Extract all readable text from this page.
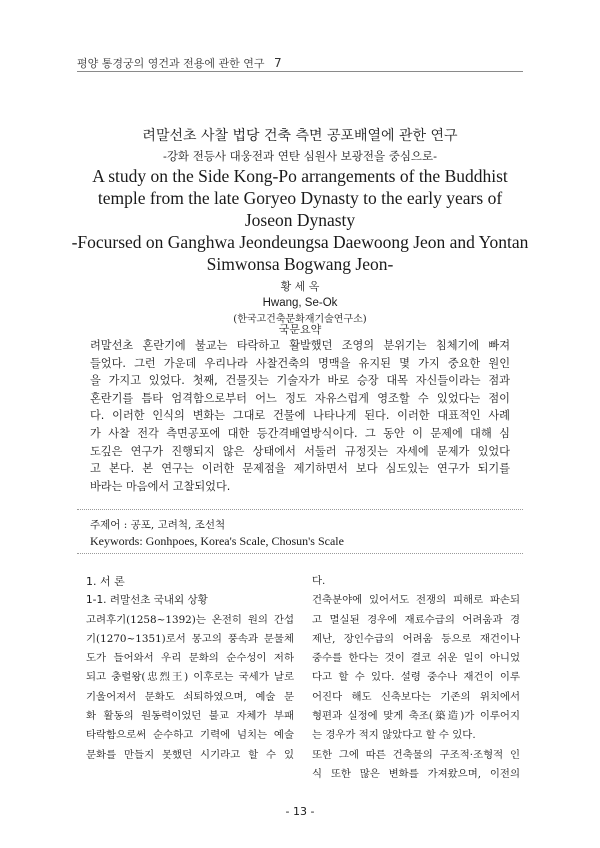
평양 통경궁의 영건과 전용에 관한 연구 7

려말선초 사찰 법당 건축 측면 공포배열에 관한 연구

-강화 전등사 대웅전과 연탄 심원사 보광전을 중심으로-

A study on the Side Kong-Po arrangements of the Buddhist

temple from the late Goryeo Dynasty to the early years of

Joseon Dynasty

-Focursed on Ganghwa Jeondeungsa Daewoong Jeon and Yontan

Simwonsa Bogwang Jeon-

황 세 옥
Hwang, Se-Ok
(한국고건축문화재기술연구소)
국문요약
려말선초 혼란기에 불교는 타락하고 활발했던 조영의 분위기는 침체기에 빠져
들었다. 그런 가운데 우리나라 사찰건축의 명맥을 유지된 몇 가지 중요한 원인
을 가지고 있었다. 첫째, 건물짓는 기술자가 바로 승장 대목 자신들이라는 점과
혼란기를 틈타 엄격함으로부터 어느 정도 자유스럽게 영조할 수 있었다는 점이
다. 이러한 인식의 변화는 그대로 건물에 나타나게 된다. 이러한 대표적인 사례
가 사찰 전각 측면공포에 대한 등간격배열방식이다. 그 동안 이 문제에 대해 심
도깊은 연구가 진행되지 않은 상태에서 서둘러 규정짓는 자세에 문제가 있었다
고 본다. 본 연구는 이러한 문제점을 제기하면서 보다 심도있는 연구가 되기를
바라는 마음에서 고찰되었다.
주제어 : 공포, 고려척, 조선척
Keywords: Gonhpoes, Korea's Scale, Chosun's Scale
1. 서 론
1-1. 려말선초 국내외 상황
고려후기(1258~1392)는 온전히 원의 간섭
기(1270~1351)로서 몽고의 풍속과 문물체
도가 들어와서 우리 문화의 순수성이 저하
되고 충렬왕(忠烈王) 이후로는 국세가 날로
기울어져서 문화도 쇠퇴하였으며, 예술 문
화 활동의 원동력이었던 불교 자체가 부패
타락함으로써 순수하고 기력에 넘치는 예술
문화를 만들지 못했던 시기라고 할 수 있
다.
건축분야에 있어서도 전쟁의 피해로 파손되
고 멸실된 경우에 재료수급의 어려움과 경
제난, 장인수급의 어려움 등으로 재건이나
중수를 한다는 것이 결코 쉬운 일이 아니었
다고 할 수 있다. 설령 중수나 재건이 이루
어진다 해도 신축보다는 기존의 위치에서
형편과 실정에 맞게 축조(築造)가 이루어지
는 경우가 적지 않았다고 할 수 있다.
또한 그에 따른 건축물의 구조적·조형적 인
식 또한 많은 변화를 가져왔으며, 이전의
- 13 -
